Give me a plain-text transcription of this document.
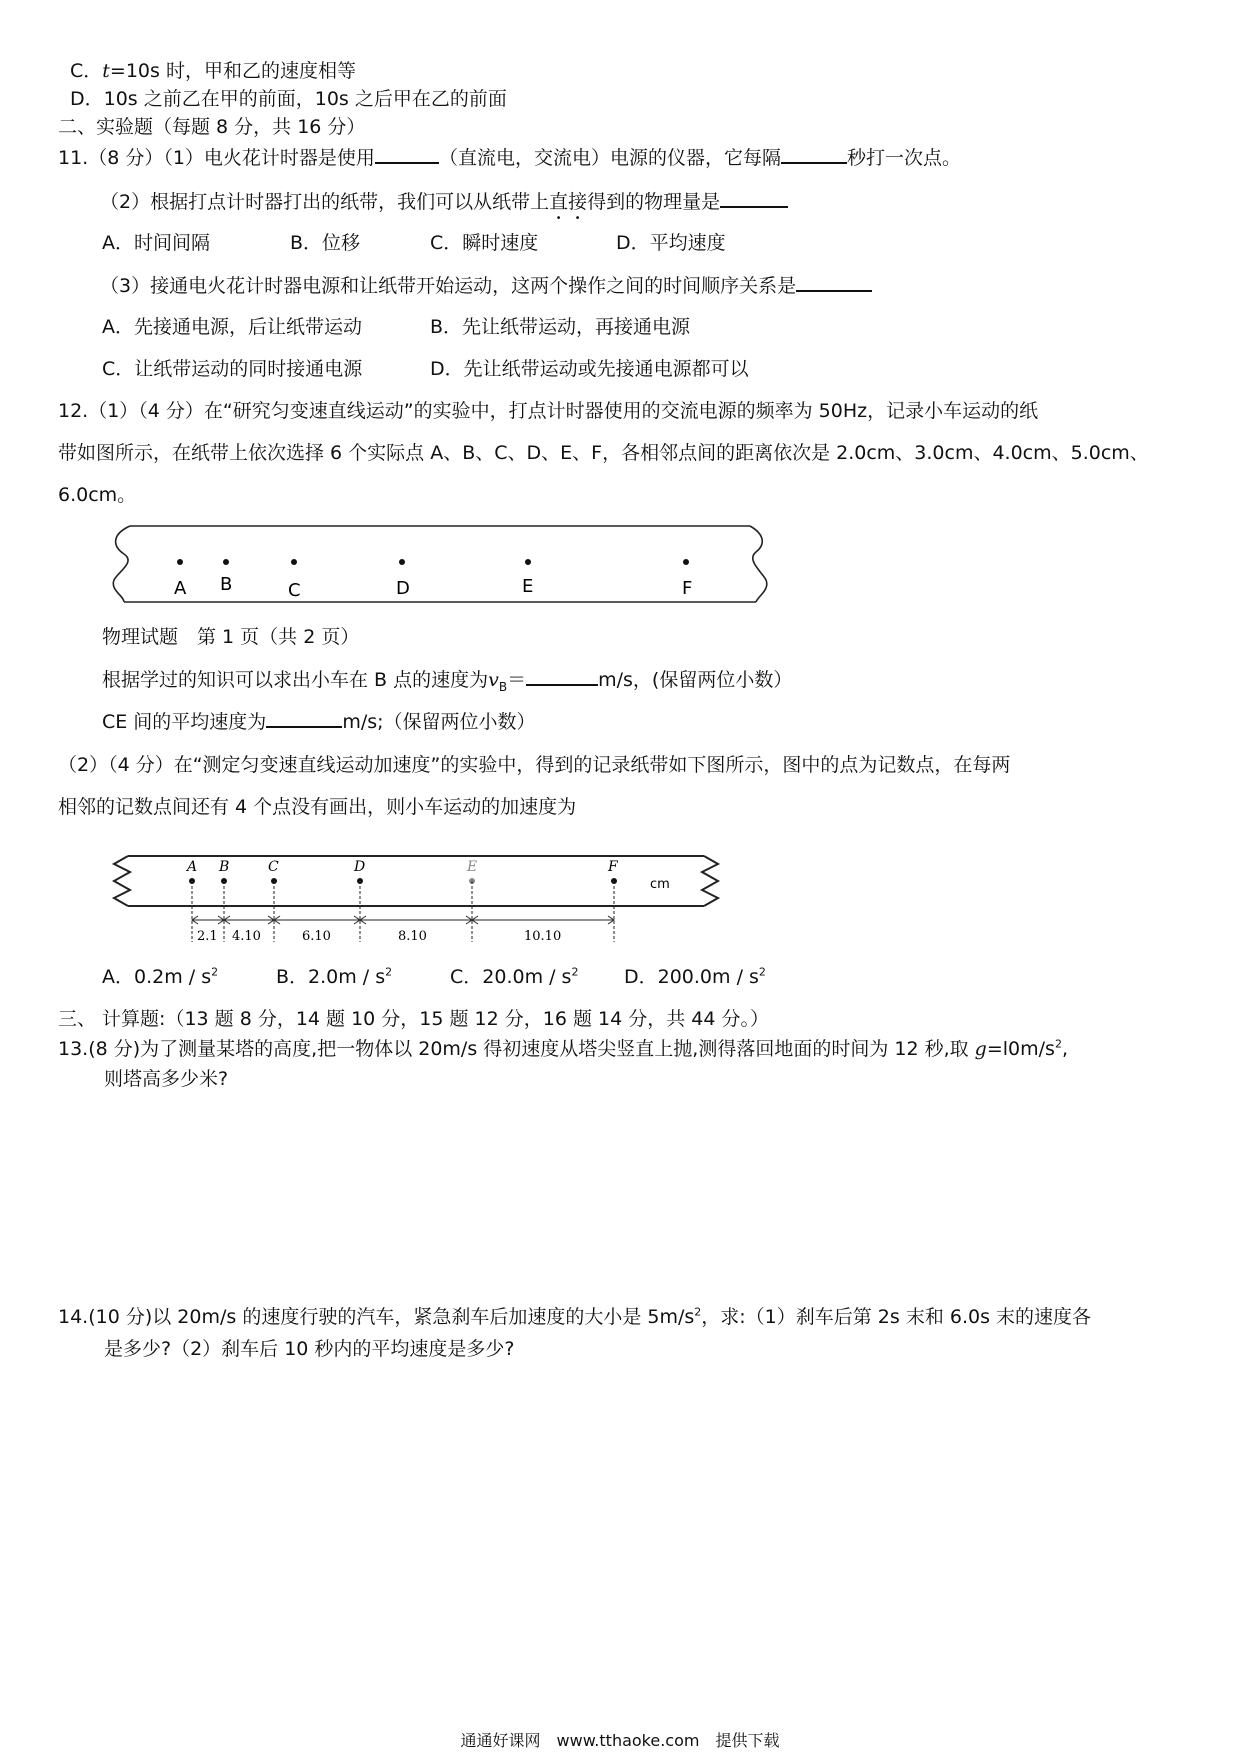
C．t=10s 时，甲和乙的速度相等
D．10s 之前乙在甲的前面，10s 之后甲在乙的前面
二、实验题（每题 8 分，共 16 分）
11.（8 分）（1）电火花计时器是使用	（直流电，交流电）电源的仪器，它每隔	秒打一次点。
（2）根据打点计时器打出的纸带，我们可以从纸带上直接得到的物理量是
A．时间间隔	B．位移	C．瞬时速度	D．平均速度
（3）接通电火花计时器电源和让纸带开始运动，这两个操作之间的时间顺序关系是
A．先接通电源，后让纸带运动	B．先让纸带运动，再接通电源
C．让纸带运动的同时接通电源	D．先让纸带运动或先接通电源都可以
12.（1）（4 分）在“研究匀变速直线运动”的实验中，打点计时器使用的交流电源的频率为 50Hz，记录小车运动的纸
带如图所示，在纸带上依次选择 6 个实际点 A、B、C、D、E、F，各相邻点间的距离依次是 2.0cm、3.0cm、4.0cm、5.0cm、
6.0cm。
A B	C	D	E	F
物理试题　第 1 页（共 2 页）
根据学过的知识可以求出小车在 B 点的速度为$v_B=$	m/s，(保留两位小数）
CE 间的平均速度为	m/s;（保留两位小数）
（2）（4 分）在“测定匀变速直线运动加速度”的实验中，得到的记录纸带如下图所示，图中的点为记数点，在每两
相邻的记数点间还有 4 个点没有画出，则小车运动的加速度为
A B	C	D	E	F
cm
2.1 4.10	6.10	8.10	10.10
A．$0.2m / s^2$	B．$2.0m / s^2$	C．$20.0m / s^2$ D．$200.0m / s^2$
三、 计算题:（13 题 8 分，14 题 10 分，15 题 12 分，16 题 14 分，共 44 分。）
13.(8 分)为了测量某塔的高度,把一物体以 20m/s 得初速度从塔尖竖直上抛,测得落回地面的时间为 12 秒,取 $g=l0m/s^2$,
则塔高多少米?
14.(10 分)以 20m/s 的速度行驶的汽车，紧急刹车后加速度的大小是 $5m/s^2$，求:（1）刹车后第 2s 末和 6.0s 末的速度各
是多少?（2）刹车后 10 秒内的平均速度是多少?
通通好课网　www.tthaoke.com　提供下载
